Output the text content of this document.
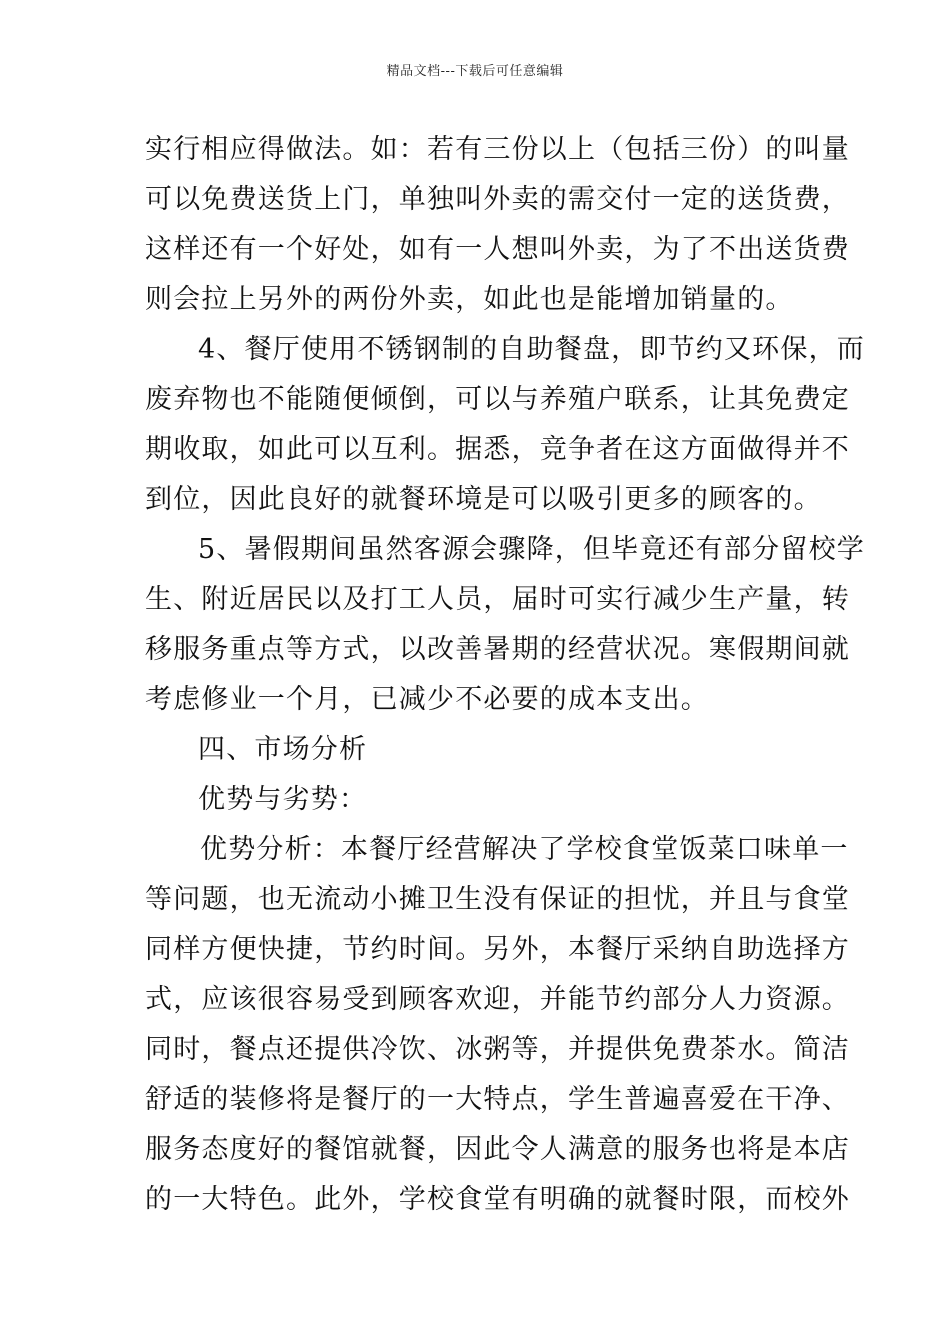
精品文档---下载后可任意编辑
实行相应得做法。如：若有三份以上（包括三份）的叫量
可以免费送货上门，单独叫外卖的需交付一定的送货费，
这样还有一个好处，如有一人想叫外卖，为了不出送货费
则会拉上另外的两份外卖，如此也是能增加销量的。
4、餐厅使用不锈钢制的自助餐盘，即节约又环保，而
废弃物也不能随便倾倒，可以与养殖户联系，让其免费定
期收取，如此可以互利。据悉，竞争者在这方面做得并不
到位，因此良好的就餐环境是可以吸引更多的顾客的。
5、暑假期间虽然客源会骤降，但毕竟还有部分留校学
生、附近居民以及打工人员，届时可实行减少生产量，转
移服务重点等方式，以改善暑期的经营状况。寒假期间就
考虑修业一个月，已减少不必要的成本支出。
四、市场分析
优势与劣势：
优势分析：本餐厅经营解决了学校食堂饭菜口味单一
等问题，也无流动小摊卫生没有保证的担忧，并且与食堂
同样方便快捷，节约时间。另外，本餐厅采纳自助选择方
式，应该很容易受到顾客欢迎，并能节约部分人力资源。
同时，餐点还提供冷饮、冰粥等，并提供免费茶水。简洁
舒适的装修将是餐厅的一大特点，学生普遍喜爱在干净、
服务态度好的餐馆就餐，因此令人满意的服务也将是本店
的一大特色。此外，学校食堂有明确的就餐时限，而校外
